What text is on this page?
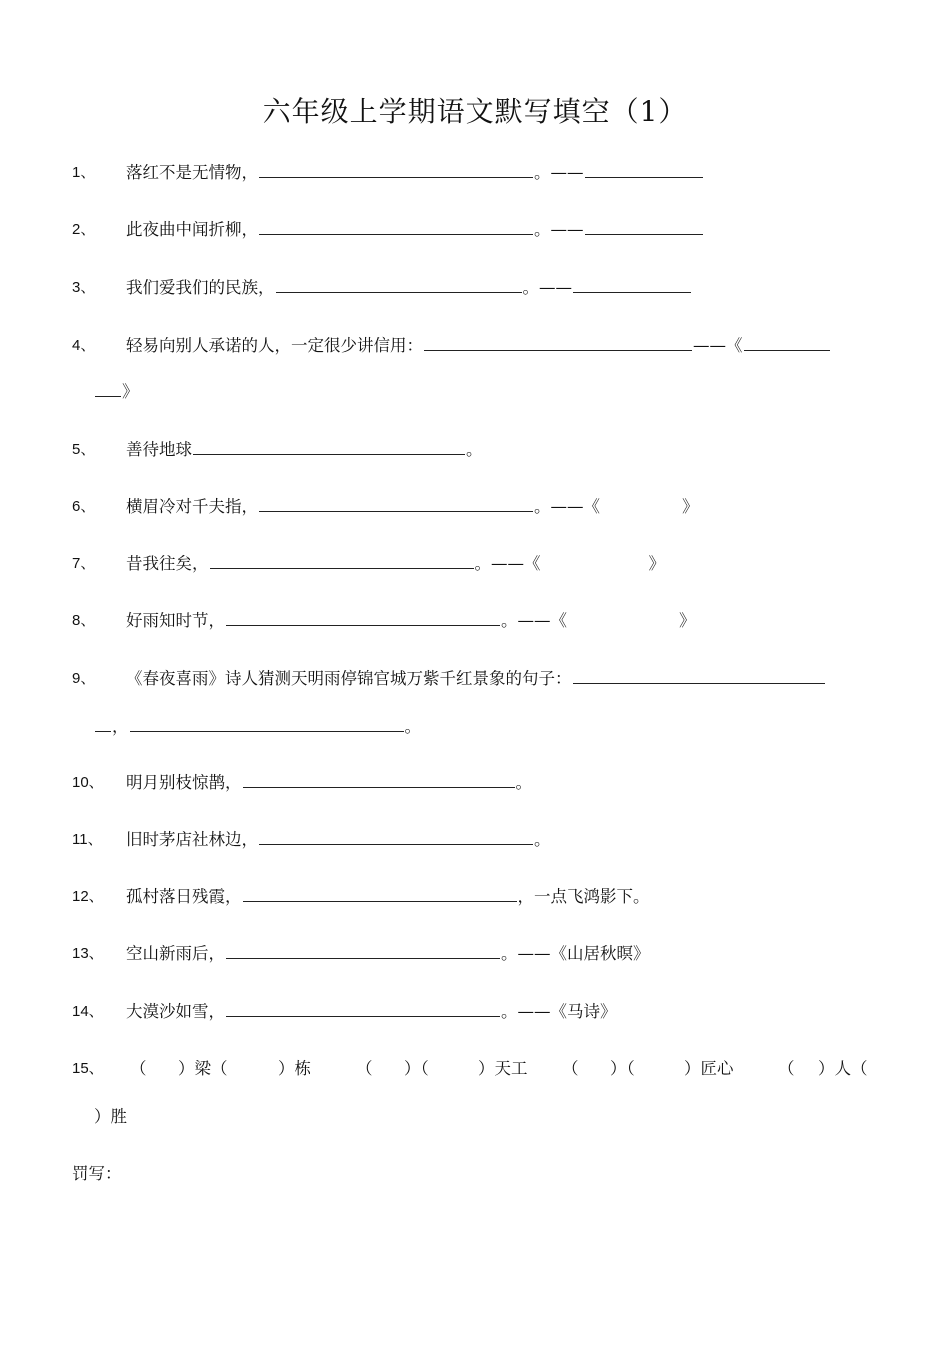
六年级上学期语文默写填空（1）
1、 落红不是无情物，	。——
2、 此夜曲中闻折柳，	。——
3、 我们爱我们的民族，	。——
4、 轻易向别人承诺的人，一定很少讲信用：	——《
》
5、 善待地球	。
6、 横眉冷对千夫指，	。——《	》
7、 昔我往矣，	。——《	》
8、 好雨知时节，	。——《	》
9、 《春夜喜雨》诗人猜测天明雨停锦官城万紫千红景象的句子：
，	。
10、 明月别枝惊鹊，	。
11、 旧时茅店社林边，	。
12、 孤村落日残霞，	，一点飞鸿影下。
13、 空山新雨后，	。——《山居秋暝》
14、 大漠沙如雪，	。——《马诗》
15、 （ ）梁（	）栋	（ ）（	）天工 （ ）（	）匠心	（ ）人（
）胜
罚写：
